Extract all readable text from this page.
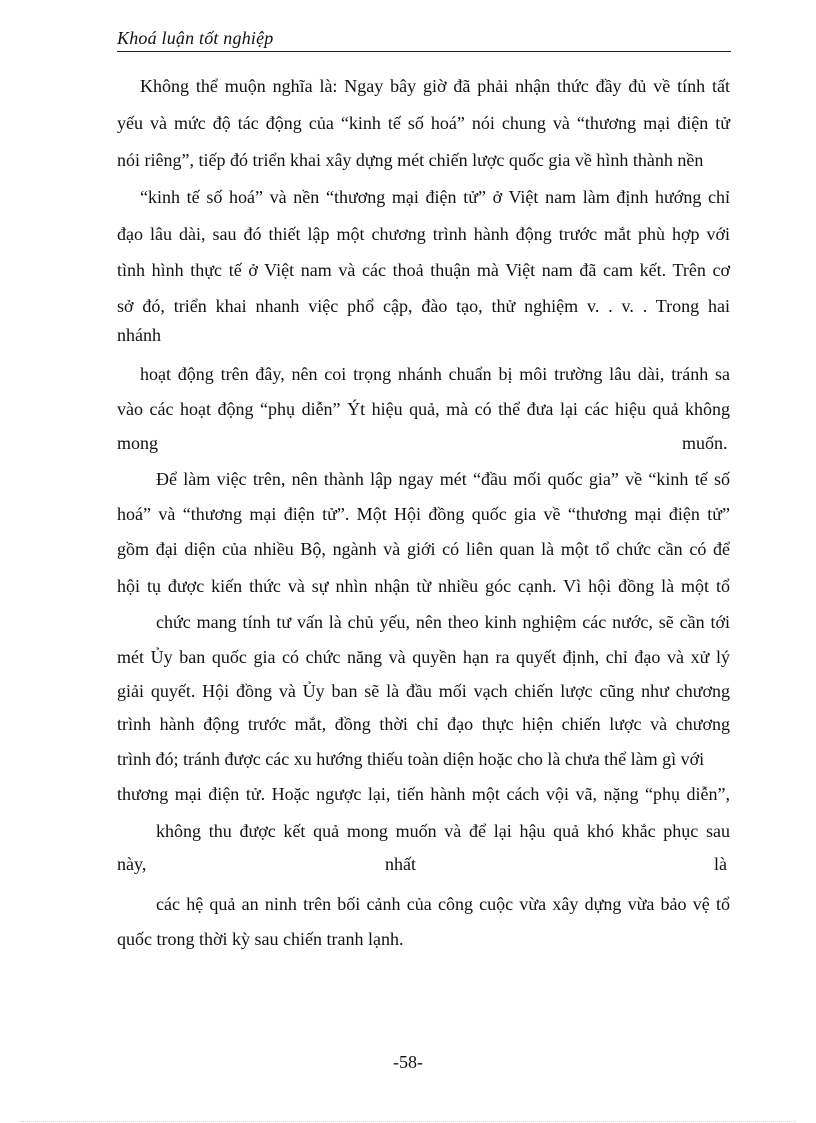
Khoá luận tốt nghiệp
Không thể muộn nghĩa là: Ngay bây giờ đã phải nhận thức đầy đủ về tính tất
yếu và mức độ tác động của “kinh tế số hoá” nói chung và “thương mại điện tử
nói riêng”, tiếp đó triển khai xây dựng mét chiến lược quốc gia về hình thành nền
“kinh tế số hoá” và nền “thương mại điện tử” ở Việt nam làm định hướng chỉ
đạo lâu dài, sau đó thiết lập một chương trình hành động trước mắt phù hợp với
tình hình thực tế ở Việt nam và các thoả thuận mà Việt nam đã cam kết. Trên cơ
sở đó, triển khai nhanh việc phổ cập, đào tạo, thử nghiệm v. . v. . Trong hai
nhánh
hoạt động trên đây, nên coi trọng nhánh chuẩn bị môi trường lâu dài, tránh sa
vào các hoạt động “phụ diễn” Ýt hiệu quả, mà có thể đưa lại các hiệu quả không
mong	muốn.
Để làm việc trên, nên thành lập ngay mét “đầu mối quốc gia” về “kinh tế số
hoá” và “thương mại điện tử”. Một Hội đồng quốc gia về “thương mại điện tử”
gồm đại diện của nhiều Bộ, ngành và giới có liên quan là một tổ chức cần có để
hội tụ được kiến thức và sự nhìn nhận từ nhiều góc cạnh. Vì hội đồng là một tổ
chức mang tính tư vấn là chủ yếu, nên theo kinh nghiệm các nước, sẽ cần tới
mét Ủy ban quốc gia có chức năng và quyền hạn ra quyết định, chỉ đạo và xử lý
giải quyết. Hội đồng và Ủy ban sẽ là đầu mối vạch chiến lược cũng như chương
trình hành động trước mắt, đồng thời chỉ đạo thực hiện chiến lược và chương
trình đó; tránh được các xu hướng thiếu toàn diện hoặc cho là chưa thể làm gì với
thương mại điện tử. Hoặc ngược lại, tiến hành một cách vội vã, nặng “phụ diễn”,
không thu được kết quả mong muốn và để lại hậu quả khó khắc phục sau
này,	nhất	là
các hệ quả an ninh trên bối cảnh của công cuộc vừa xây dựng vừa bảo vệ tổ
quốc trong thời kỳ sau chiến tranh lạnh.
-58-
